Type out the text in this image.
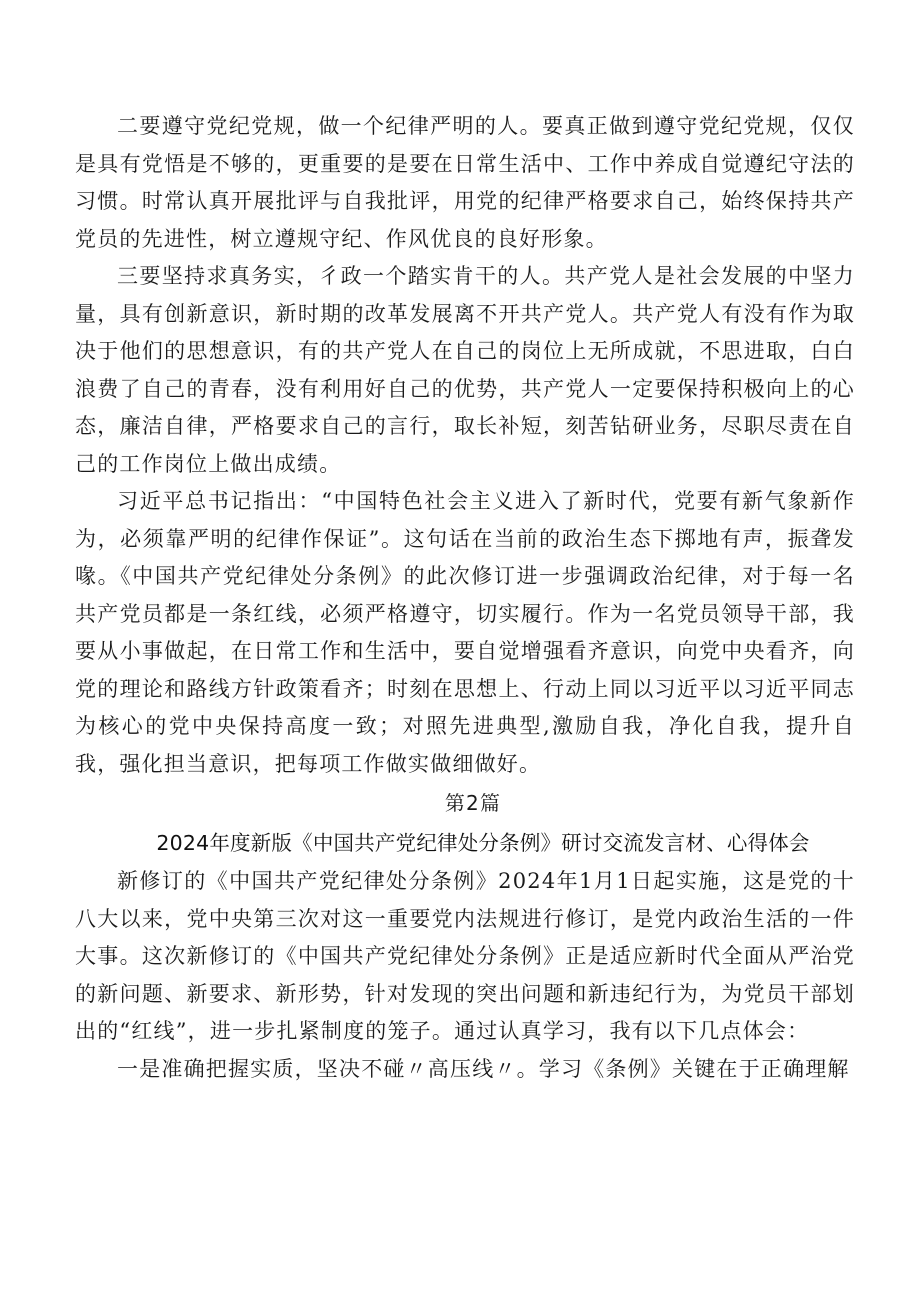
二要遵守党纪党规，做一个纪律严明的人。要真正做到遵守党纪党规，仅仅是具有党悟是不够的，更重要的是要在日常生活中、工作中养成自觉遵纪守法的习惯。时常认真开展批评与自我批评，用党的纪律严格要求自己，始终保持共产党员的先进性，树立遵规守纪、作风优良的良好形象。

三要坚持求真务实，彳政一个踏实肯干的人。共产党人是社会发展的中坚力量，具有创新意识，新时期的改革发展离不开共产党人。共产党人有没有作为取决于他们的思想意识，有的共产党人在自己的岗位上无所成就，不思进取，白白浪费了自己的青春，没有利用好自己的优势，共产党人一定要保持积极向上的心态，廉洁自律，严格要求自己的言行，取长补短，刻苦钻研业务，尽职尽责在自己的工作岗位上做出成绩。

习近平总书记指出：“中国特色社会主义进入了新时代，党要有新气象新作为，必须靠严明的纪律作保证”。这句话在当前的政治生态下掷地有声，振聋发喙。《中国共产党纪律处分条例》的此次修订进一步强调政治纪律，对于每一名共产党员都是一条红线，必须严格遵守，切实履行。作为一名党员领导干部，我要从小事做起，在日常工作和生活中，要自觉增强看齐意识，向党中央看齐，向党的理论和路线方针政策看齐；时刻在思想上、行动上同以习近平以习近平同志为核心的党中央保持高度一致；对照先进典型,激励自我，净化自我，提升自我，强化担当意识，把每项工作做实做细做好。

第2篇

2024年度新版《中国共产党纪律处分条例》研讨交流发言材、心得体会

新修订的《中国共产党纪律处分条例》2024年1月1日起实施，这是党的十八大以来，党中央第三次对这一重要党内法规进行修订，是党内政治生活的一件大事。这次新修订的《中国共产党纪律处分条例》正是适应新时代全面从严治党的新问题、新要求、新形势，针对发现的突出问题和新违纪行为，为党员干部划出的“红线”，进一步扎紧制度的笼子。通过认真学习，我有以下几点体会：

一是准确把握实质，坚决不碰〃高压线〃。学习《条例》关键在于正确理解
